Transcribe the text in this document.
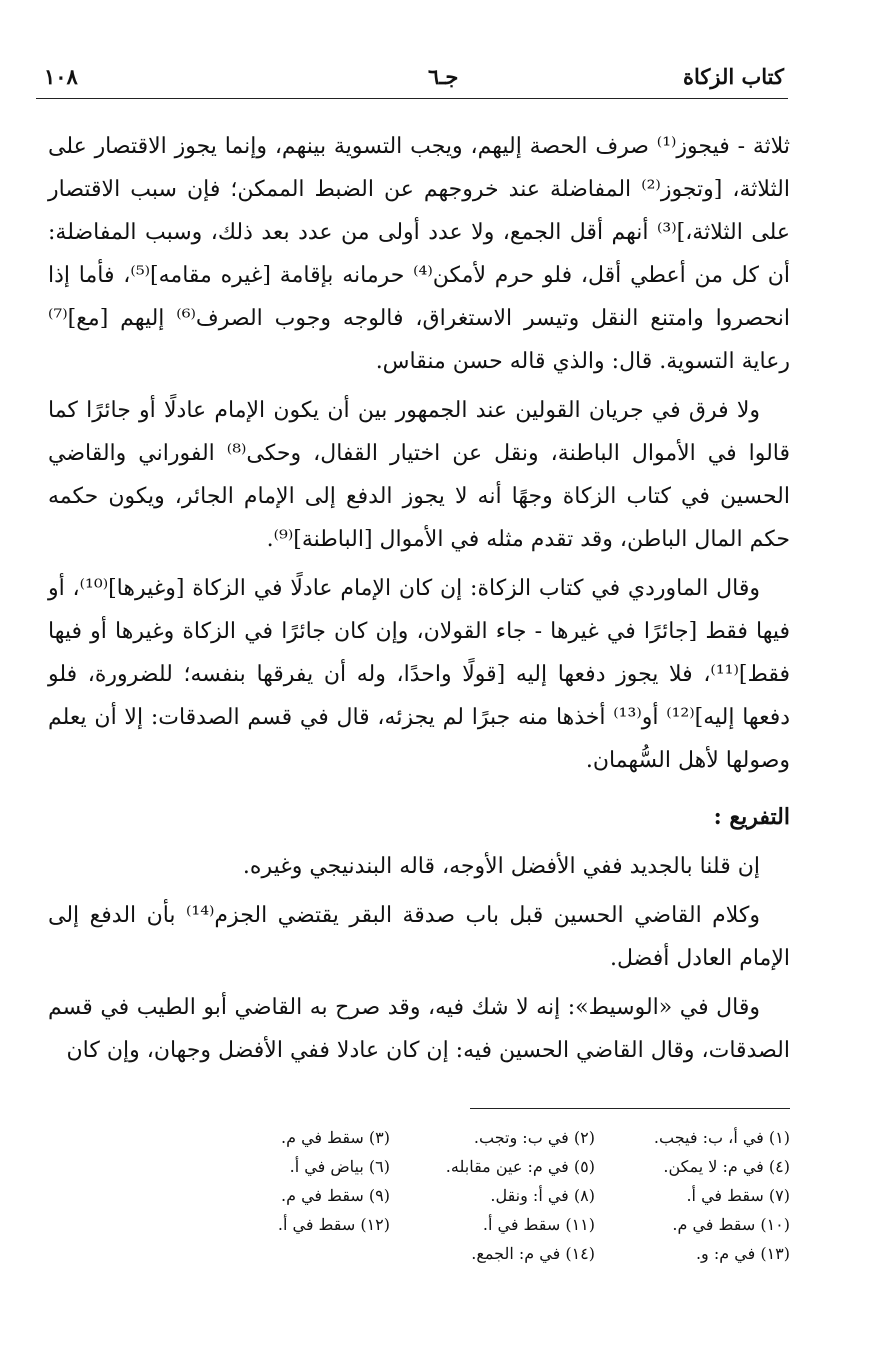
١٠٨	جـ٦	كتاب الزكاة

ثلاثة - فيجوز⁽¹⁾ صرف الحصة إليهم، ويجب التسوية بينهم، وإنما يجوز الاقتصار على الثلاثة، [وتجوز⁽²⁾ المفاضلة عند خروجهم عن الضبط الممكن؛ فإن سبب الاقتصار على الثلاثة،]⁽³⁾ أنهم أقل الجمع، ولا عدد أولى من عدد بعد ذلك، وسبب المفاضلة: أن كل من أعطي أقل، فلو حرم لأمكن⁽⁴⁾ حرمانه بإقامة [غيره مقامه]⁽⁵⁾، فأما إذا انحصروا وامتنع النقل وتيسر الاستغراق، فالوجه وجوب الصرف⁽⁶⁾ إليهم [مع]⁽⁷⁾ رعاية التسوية. قال: والذي قاله حسن منقاس.

ولا فرق في جريان القولين عند الجمهور بين أن يكون الإمام عادلًا أو جائرًا كما قالوا في الأموال الباطنة، ونقل عن اختيار القفال، وحكى⁽⁸⁾ الفوراني والقاضي الحسين في كتاب الزكاة وجهًا أنه لا يجوز الدفع إلى الإمام الجائر، ويكون حكمه حكم المال الباطن، وقد تقدم مثله في الأموال [الباطنة]⁽⁹⁾.

وقال الماوردي في كتاب الزكاة: إن كان الإمام عادلًا في الزكاة [وغيرها]⁽¹⁰⁾، أو فيها فقط [جائرًا في غيرها - جاء القولان، وإن كان جائرًا في الزكاة وغيرها أو فيها فقط]⁽¹¹⁾، فلا يجوز دفعها إليه [قولًا واحدًا، وله أن يفرقها بنفسه؛ للضرورة، فلو دفعها إليه]⁽¹²⁾ أو⁽¹³⁾ أخذها منه جبرًا لم يجزئه، قال في قسم الصدقات: إلا أن يعلم وصولها لأهل السُّهمان.

التفريع :

إن قلنا بالجديد ففي الأفضل الأوجه، قاله البندنيجي وغيره.

وكلام القاضي الحسين قبل باب صدقة البقر يقتضي الجزم⁽¹⁴⁾ بأن الدفع إلى الإمام العادل أفضل.

وقال في «الوسيط»: إنه لا شك فيه، وقد صرح به القاضي أبو الطيب في قسم الصدقات، وقال القاضي الحسين فيه: إن كان عادلا ففي الأفضل وجهان، وإن كان

(١) في أ، ب: فيجب.
(٢) في ب: وتجب.
(٣) سقط في م.
(٤) في م: لا يمكن.
(٥) في م: عين مقابله.
(٦) بياض في أ.
(٧) سقط في أ.
(٨) في أ: ونقل.
(٩) سقط في م.
(١٠) سقط في م.
(١١) سقط في أ.
(١٢) سقط في أ.
(١٣) في م: و.
(١٤) في م: الجمع.
